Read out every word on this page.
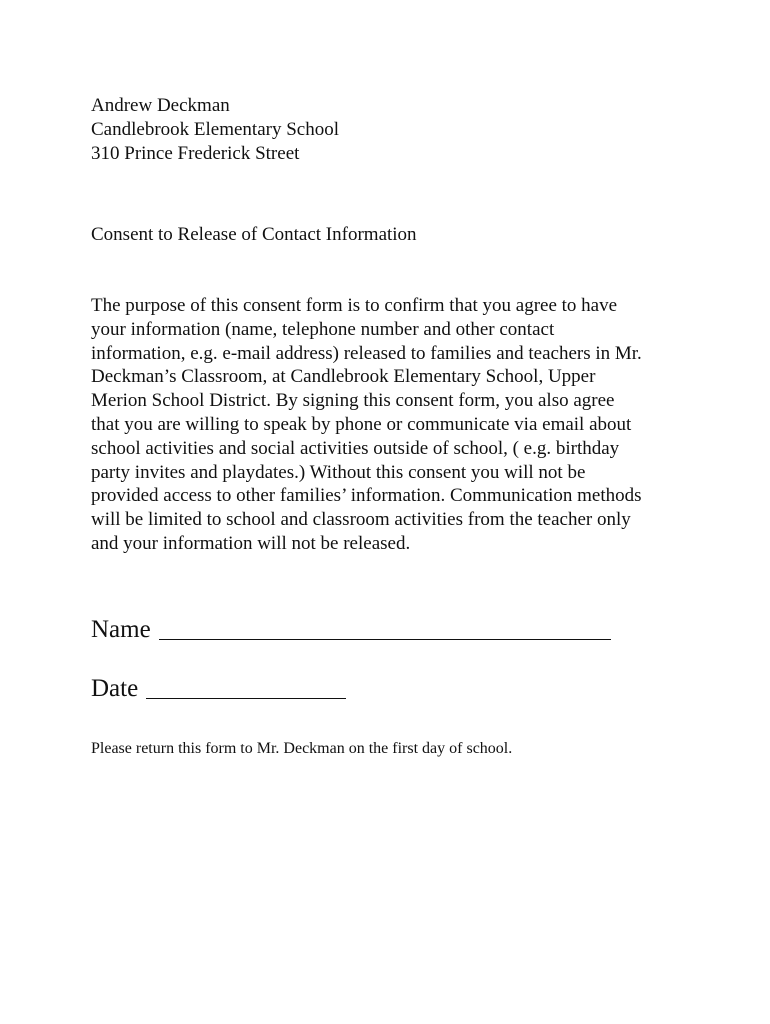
Andrew Deckman
Candlebrook Elementary School
310 Prince Frederick Street
Consent to Release of Contact Information
The purpose of this consent form is to confirm that you agree to have
your information (name, telephone number and other contact
information, e.g. e-mail address) released to families and teachers in Mr.
Deckman’s Classroom, at Candlebrook Elementary School, Upper
Merion School District. By signing this consent form, you also agree
that you are willing to speak by phone or communicate via email about
school activities and social activities outside of school, ( e.g. birthday
party invites and playdates.) Without this consent you will not be
provided access to other families’ information. Communication methods
will be limited to school and classroom activities from the teacher only
and your information will not be released.
Name
Date
Please return this form to Mr. Deckman on the first day of school.
